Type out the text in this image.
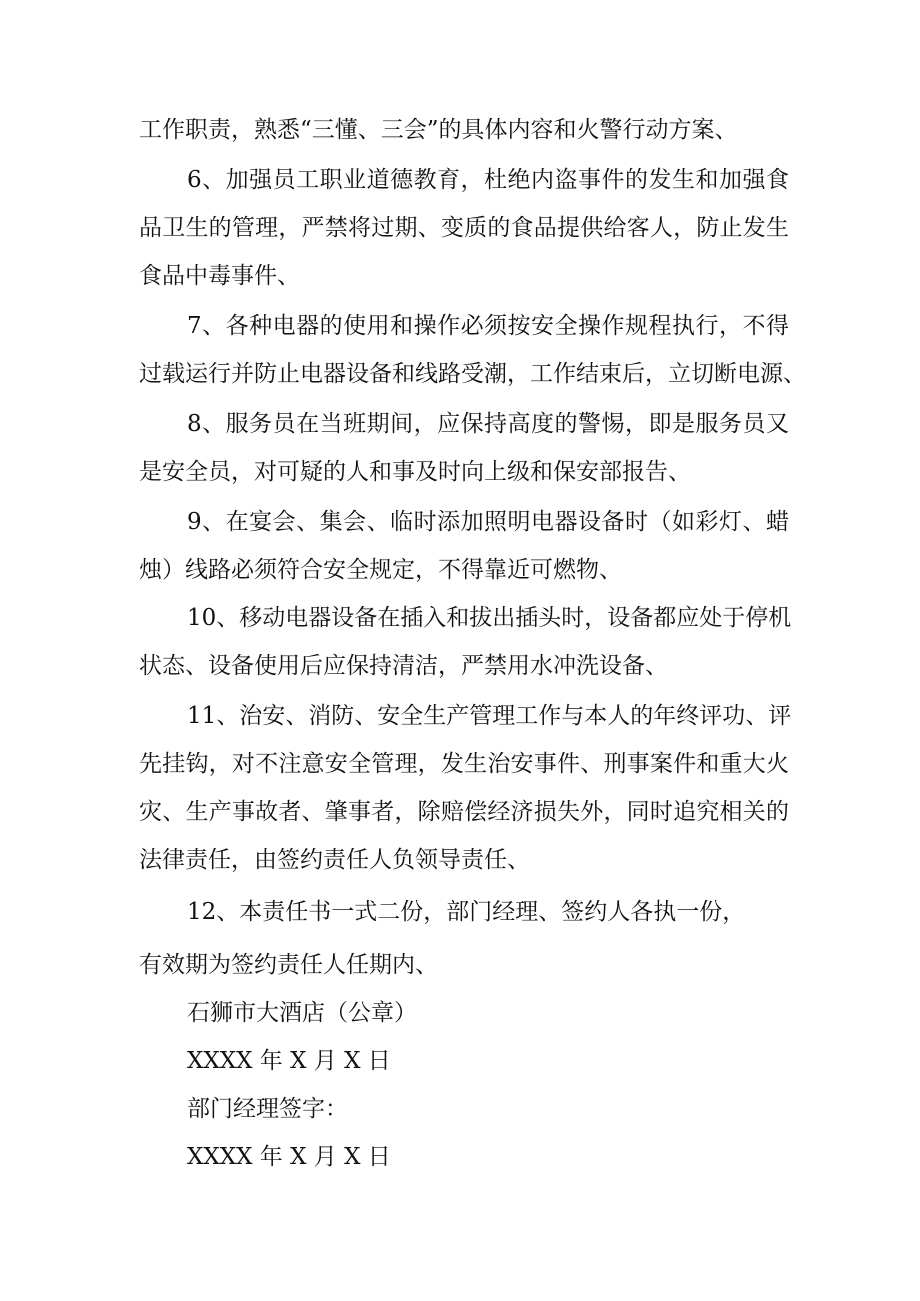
工作职责，熟悉“三懂、三会”的具体内容和火警行动方案、
6、加强员工职业道德教育，杜绝内盗事件的发生和加强食
品卫生的管理，严禁将过期、变质的食品提供给客人，防止发生
食品中毒事件、
7、各种电器的使用和操作必须按安全操作规程执行，不得
过载运行并防止电器设备和线路受潮，工作结束后，立切断电源、
8、服务员在当班期间，应保持高度的警惕，即是服务员又
是安全员，对可疑的人和事及时向上级和保安部报告、
9、在宴会、集会、临时添加照明电器设备时（如彩灯、蜡
烛）线路必须符合安全规定，不得靠近可燃物、
10、移动电器设备在插入和拔出插头时，设备都应处于停机
状态、设备使用后应保持清洁，严禁用水冲洗设备、
11、治安、消防、安全生产管理工作与本人的年终评功、评
先挂钩，对不注意安全管理，发生治安事件、刑事案件和重大火
灾、生产事故者、肇事者，除赔偿经济损失外，同时追究相关的
法律责任，由签约责任人负领导责任、
12、本责任书一式二份，部门经理、签约人各执一份，
有效期为签约责任人任期内、
石狮市大酒店（公章）
XXXX 年 X 月 X 日
部门经理签字：
XXXX 年 X 月 X 日
